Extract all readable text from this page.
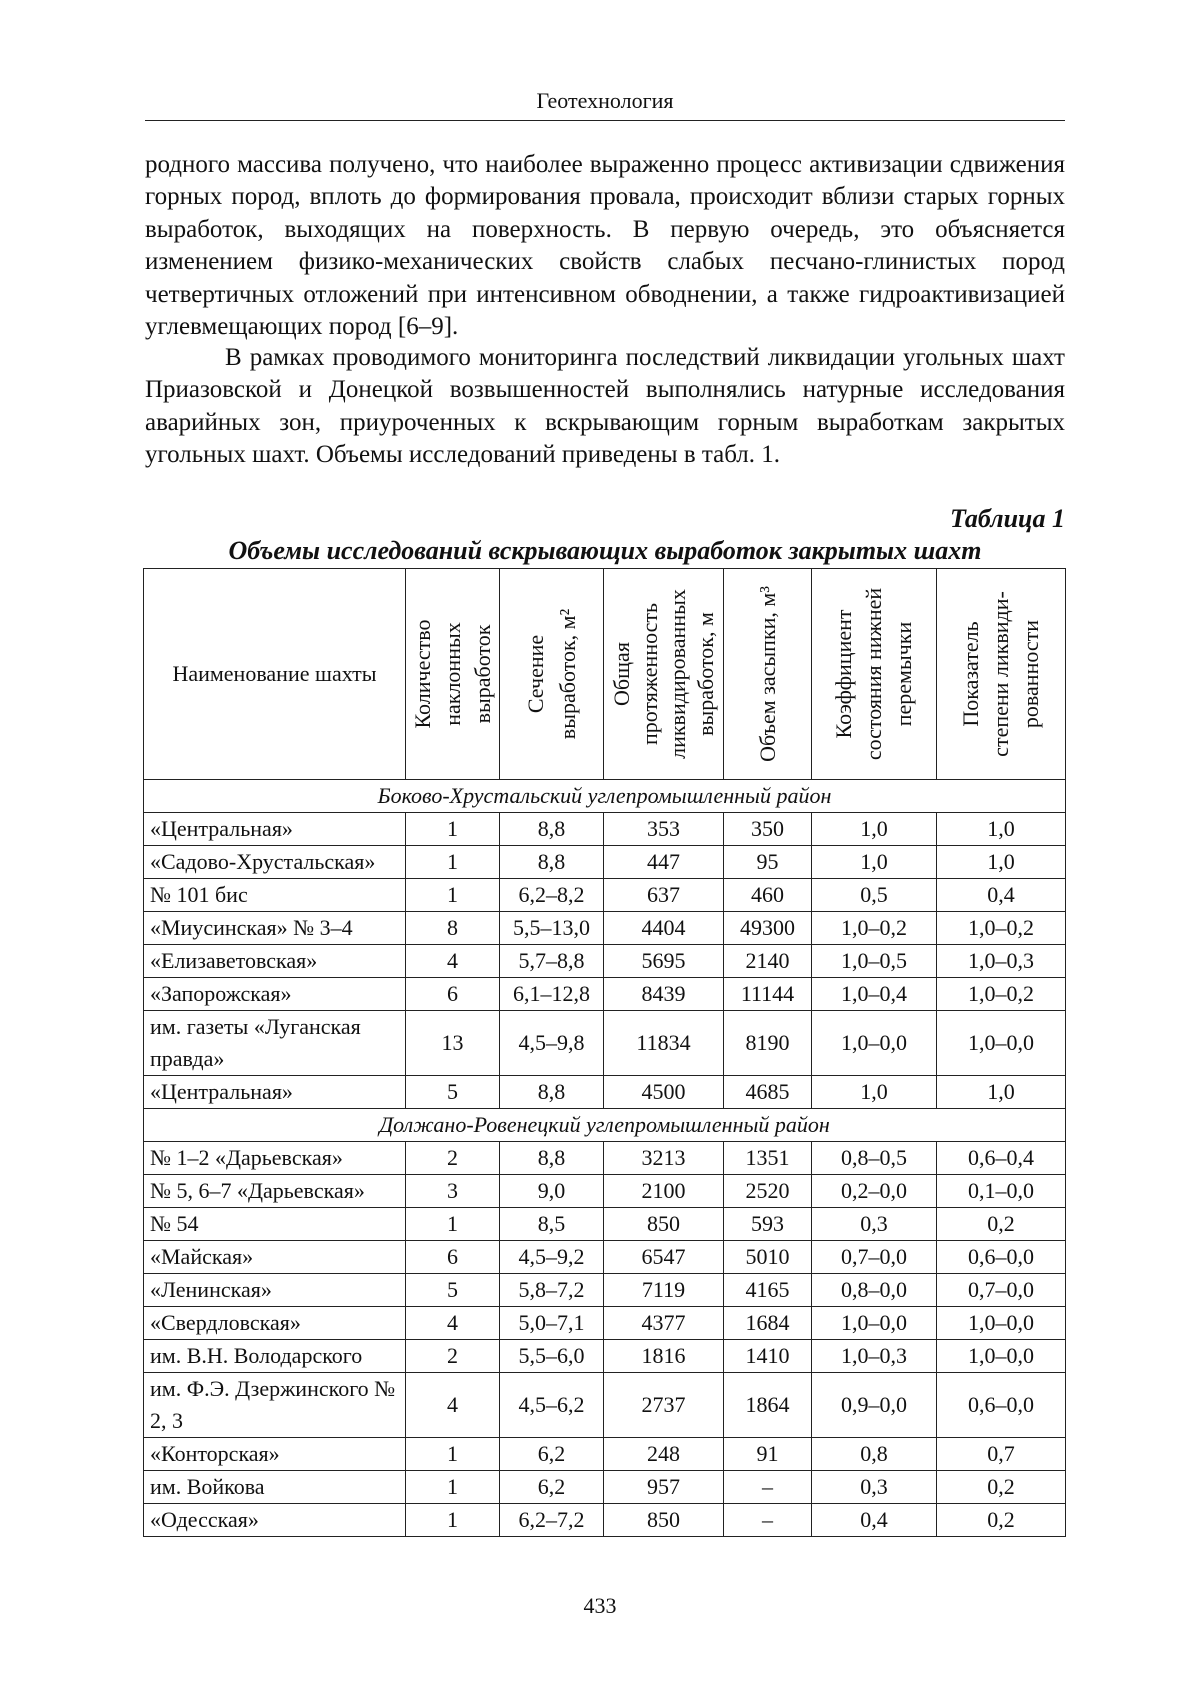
Геотехнология

родного массива получено, что наиболее выраженно процесс активизации сдвижения горных пород, вплоть до формирования провала, происходит вблизи старых горных выработок, выходящих на поверхность. В первую очередь, это объясняется изменением физико-механических свойств слабых песчано-глинистых пород четвертичных отложений при интенсивном обводнении, а также гидроактивизацией углевмещающих пород [6–9].

В рамках проводимого мониторинга последствий ликвидации угольных шахт Приазовской и Донецкой возвышенностей выполнялись натурные исследования аварийных зон, приуроченных к вскрывающим горным выработкам закрытых угольных шахт. Объемы исследований приведены в табл. 1.

Таблица 1
Объемы исследований вскрывающих выработок закрытых шахт
Наименование шахты	Количество наклонных выработок	Сечение выработок, м²	Общая протяженность ликвидированных выработок, м	Объем засыпки, м³	Коэффициент состояния нижней перемычки	Показатель степени ликвиди- рованности

Боково-Хрустальский углепромышленный район						
«Центральная»	1	8,8	353	350	1,0	1,0
«Садово-Хрустальская»	1	8,8	447	95	1,0	1,0
№ 101 бис	1	6,2–8,2	637	460	0,5	0,4
«Миусинская» № 3–4	8	5,5–13,0	4404	49300	1,0–0,2	1,0–0,2
«Елизаветовская»	4	5,7–8,8	5695	2140	1,0–0,5	1,0–0,3
«Запорожская»	6	6,1–12,8	8439	11144	1,0–0,4	1,0–0,2
им. газеты «Луганская правда»	13	4,5–9,8	11834	8190	1,0–0,0	1,0–0,0
«Центральная»	5	8,8	4500	4685	1,0	1,0
Должано-Ровенецкий углепромышленный район						
№ 1–2 «Дарьевская»	2	8,8	3213	1351	0,8–0,5	0,6–0,4
№ 5, 6–7 «Дарьевская»	3	9,0	2100	2520	0,2–0,0	0,1–0,0
№ 54	1	8,5	850	593	0,3	0,2
«Майская»	6	4,5–9,2	6547	5010	0,7–0,0	0,6–0,0
«Ленинская»	5	5,8–7,2	7119	4165	0,8–0,0	0,7–0,0
«Свердловская»	4	5,0–7,1	4377	1684	1,0–0,0	1,0–0,0
им. В.Н. Володарского	2	5,5–6,0	1816	1410	1,0–0,3	1,0–0,0
им. Ф.Э. Дзержинского № 2, 3	4	4,5–6,2	2737	1864	0,9–0,0	0,6–0,0
«Конторская»	1	6,2	248	91	0,8	0,7
им. Войкова	1	6,2	957	–	0,3	0,2
«Одесская»	1	6,2–7,2	850	–	0,4	0,2
433
